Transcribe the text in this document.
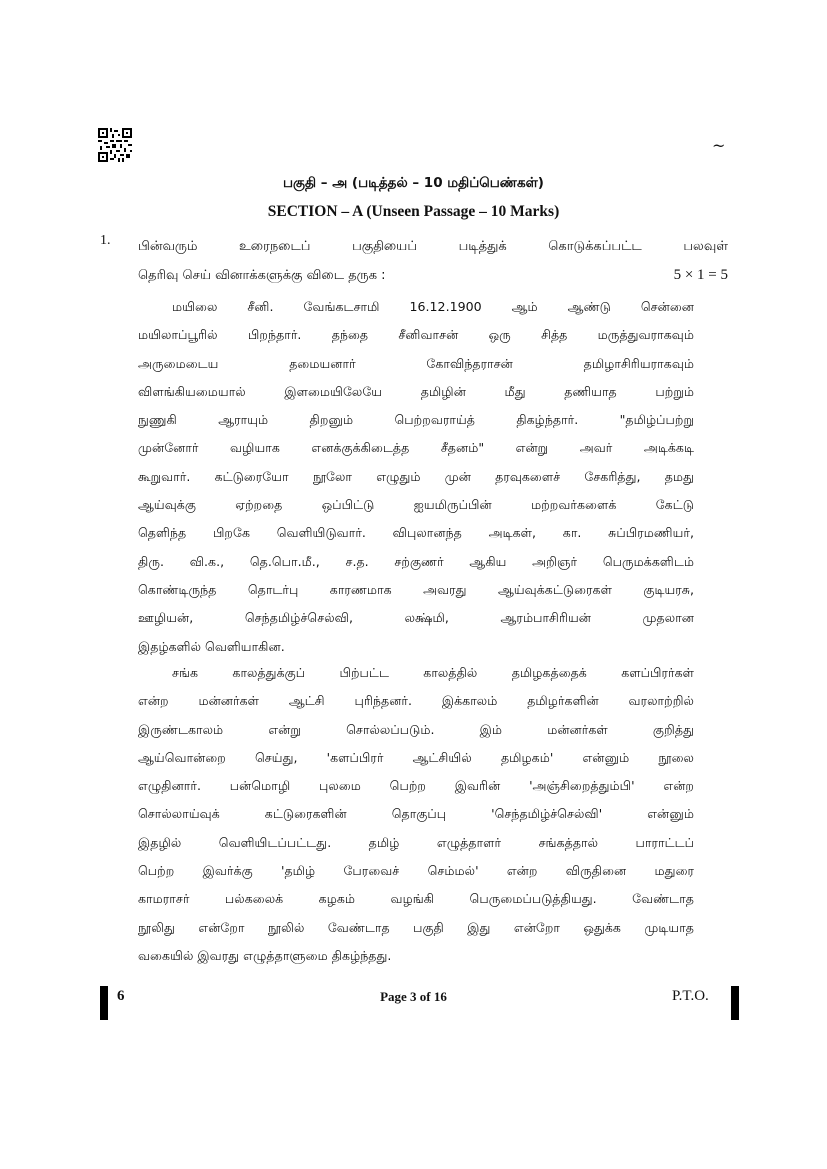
~
பகுதி – அ (படித்தல் – 10 மதிப்பெண்கள்)
SECTION – A (Unseen Passage – 10 Marks)
1. பின்வரும் உரைநடைப் பகுதியைப் படித்துக் கொடுக்கப்பட்ட பலவுள்
தெரிவு செய் வினாக்களுக்கு விடை தருக :	5 × 1 = 5
மயிலை சீனி. வேங்கடசாமி 16.12.1900 ஆம் ஆண்டு சென்னை
மயிலாப்பூரில் பிறந்தார். தந்தை சீனிவாசன் ஒரு சித்த மருத்துவராகவும்
அருமைடைய தமையனார் கோவிந்தராசன் தமிழாசிரியராகவும்
விளங்கியமையால் இளமையிலேயே தமிழின் மீது தணியாத பற்றும்
நுணுகி ஆராயும் திறனும் பெற்றவராய்த் திகழ்ந்தார். "தமிழ்ப்பற்று
முன்னோர் வழியாக எனக்குக்கிடைத்த சீதனம்" என்று அவர் அடிக்கடி
கூறுவார். கட்டுரையோ நூலோ எழுதும் முன் தரவுகளைச் சேகரித்து, தமது
ஆய்வுக்கு ஏற்றதை ஒப்பிட்டு ஐயமிருப்பின் மற்றவர்களைக் கேட்டு
தெளிந்த பிறகே வெளியிடுவார். விபுலானந்த அடிகள், கா. சுப்பிரமணியர்,
திரு. வி.க., தெ.பொ.மீ., ச.த. சற்குணர் ஆகிய அறிஞர் பெருமக்களிடம்
கொண்டிருந்த தொடர்பு காரணமாக அவரது ஆய்வுக்கட்டுரைகள் குடியரசு,
ஊழியன், செந்தமிழ்ச்செல்வி, லக்ஷ்மி, ஆரம்பாசிரியன் முதலான
இதழ்களில் வெளியாகின.
சங்க காலத்துக்குப் பிற்பட்ட காலத்தில் தமிழகத்தைக் களப்பிரர்கள்
என்ற மன்னர்கள் ஆட்சி புரிந்தனர். இக்காலம் தமிழர்களின் வரலாற்றில்
இருண்டகாலம் என்று சொல்லப்படும். இம் மன்னர்கள் குறித்து
ஆய்வொன்றை செய்து, 'களப்பிரர் ஆட்சியில் தமிழகம்' என்னும் நூலை
எழுதினார். பன்மொழி புலமை பெற்ற இவரின் 'அஞ்சிறைத்தும்பி' என்ற
சொல்லாய்வுக் கட்டுரைகளின் தொகுப்பு 'செந்தமிழ்ச்செல்வி' என்னும்
இதழில் வெளியிடப்பட்டது. தமிழ் எழுத்தாளர் சங்கத்தால் பாராட்டப்
பெற்ற இவர்க்கு 'தமிழ் பேரவைச் செம்மல்' என்ற விருதினை மதுரை
காமராசர் பல்கலைக் கழகம் வழங்கி பெருமைப்படுத்தியது. வேண்டாத
நூலிது என்றோ நூலில் வேண்டாத பகுதி இது என்றோ ஒதுக்க முடியாத
வகையில் இவரது எழுத்தாளுமை திகழ்ந்தது.
6	Page 3 of 16	P.T.O.
